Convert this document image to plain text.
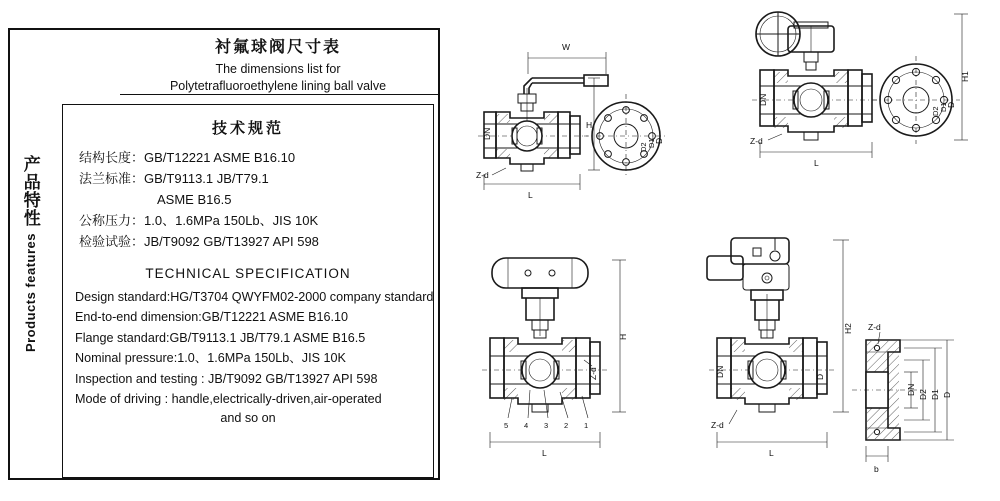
产品特性
Products features
衬氟球阀尺寸表
The dimensions list for
Polytetrafluoroethylene lining ball valve
技术规范
结构长度：GB/T12221 ASME B16.10
法兰标准：GB/T9113.1 JB/T79.1
ASME B16.5
公称压力：1.0、1.6MPa 150Lb、JIS 10K
检验试验：JB/T9092 GB/T13927 API 598
TECHNICAL SPECIFICATION
Design standard:HG/T3704 QWYFM02-2000 company standard
End-to-end dimension:GB/T12221 ASME B16.10
Flange standard:GB/T9113.1 JB/T79.1 ASME B16.5
Nominal pressure:1.0、1.6MPa 150Lb、JIS 10K
Inspection and testing : JB/T9092 GB/T13927 API 598
Mode of driving : handle,electrically-driven,air-operated
and so on
W
H
DN
D
D1
D2
Z-d
L
H1
DN	D
D1
D2
Z-d
L
5 4 3 2 1
H
Z-d
L
H2
DN	D
Z-d
L
Z-d
DN D2 D1 D
b
